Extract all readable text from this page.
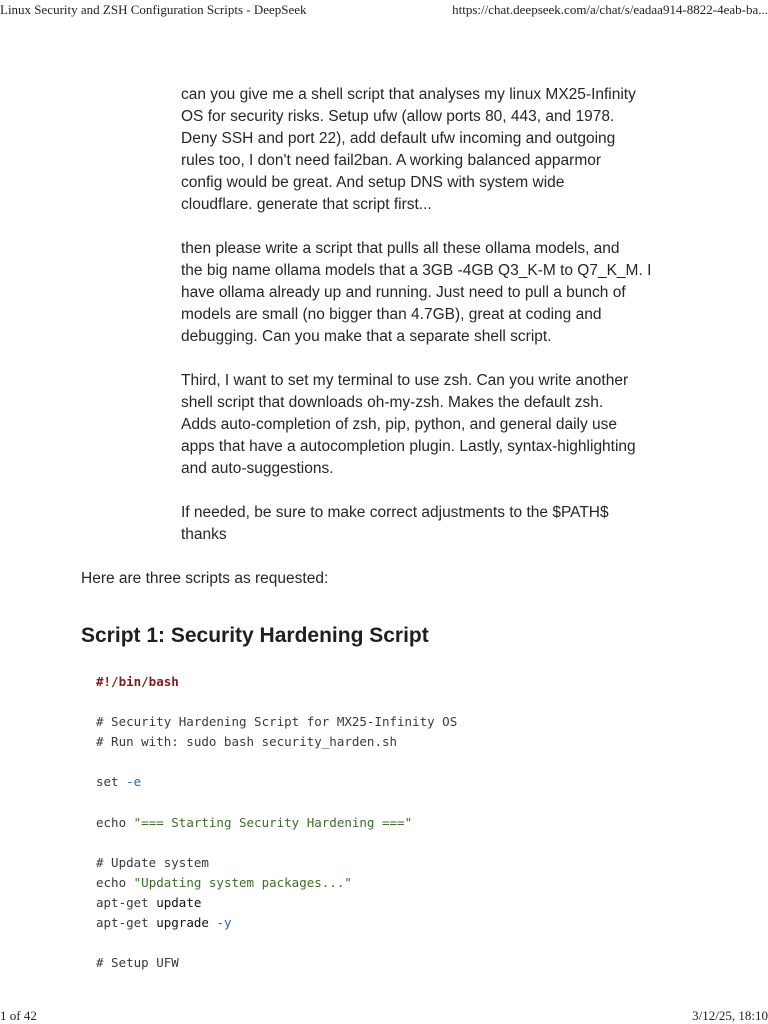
Linux Security and ZSH Configuration Scripts - DeepSeek	https://chat.deepseek.com/a/chat/s/eadaa914-8822-4eab-ba...

can you give me a shell script that analyses my linux MX25-Infinity
OS for security risks. Setup ufw (allow ports 80, 443, and 1978.
Deny SSH and port 22), add default ufw incoming and outgoing
rules too, I don't need fail2ban. A working balanced apparmor
config would be great. And setup DNS with system wide
cloudflare. generate that script first...

then please write a script that pulls all these ollama models, and
the big name ollama models that a 3GB -4GB Q3_K-M to Q7_K_M. I
have ollama already up and running. Just need to pull a bunch of
models are small (no bigger than 4.7GB), great at coding and
debugging. Can you make that a separate shell script.

Third, I want to set my terminal to use zsh. Can you write another
shell script that downloads oh-my-zsh. Makes the default zsh.
Adds auto-completion of zsh, pip, python, and general daily use
apps that have a autocompletion plugin. Lastly, syntax-highlighting
and auto-suggestions.

If needed, be sure to make correct adjustments to the $PATH$
thanks

Here are three scripts as requested:
Script 1: Security Hardening Script
#!/bin/bash
# Security Hardening Script for MX25-Infinity OS
# Run with: sudo bash security_harden.sh
set -e
echo "=== Starting Security Hardening ==="
# Update system
echo "Updating system packages..."
apt-get update
apt-get upgrade -y
# Setup UFW
1 of 42	3/12/25, 18:10
